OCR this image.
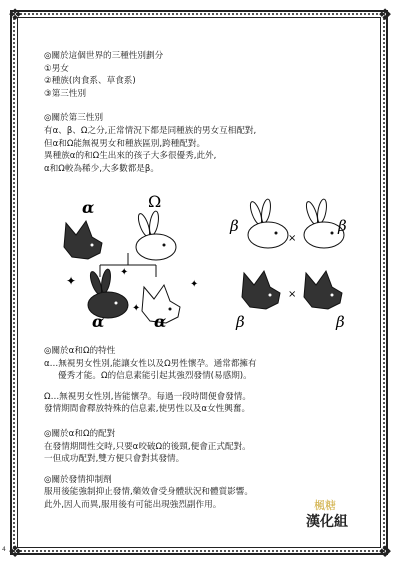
❖	❖
❖	❖
◎關於這個世界的三種性別劃分
①男女
②種族(肉食系、草食系)
③第三性別
◎關於第三性別
有α、β、Ω之分,正常情況下都是同種族的男女互相配對,
但α和Ω能無視男女和種族區別,跨種配對。
異種族α的和Ω生出來的孩子大多很優秀,此外,
α和Ω較為稀少,大多數都是β。
α	Ω
✦
✦
✦
✦
α	α
β
×
β
×
β	β
◎關於α和Ω的特性
α…無視男女性別,能讓女性以及Ω男性懷孕。通常都擁有
優秀才能。Ω的信息素能引起其強烈發情(易感期)。
Ω…無視男女性別,皆能懷孕。每過一段時間便會發情。
發情期間會釋放特殊的信息素,使男性以及α女性興奮。
◎關於α和Ω的配對
在發情期間性交時,只要α咬破Ω的後頸,便會正式配對。
一但成功配對,雙方便只會對其發情。
◎關於發情抑制劑
服用後能強制抑止發情,藥效會受身體狀況和體質影響。
此外,因人而異,服用後有可能出現強烈副作用。	楓糖
漢化組
4
